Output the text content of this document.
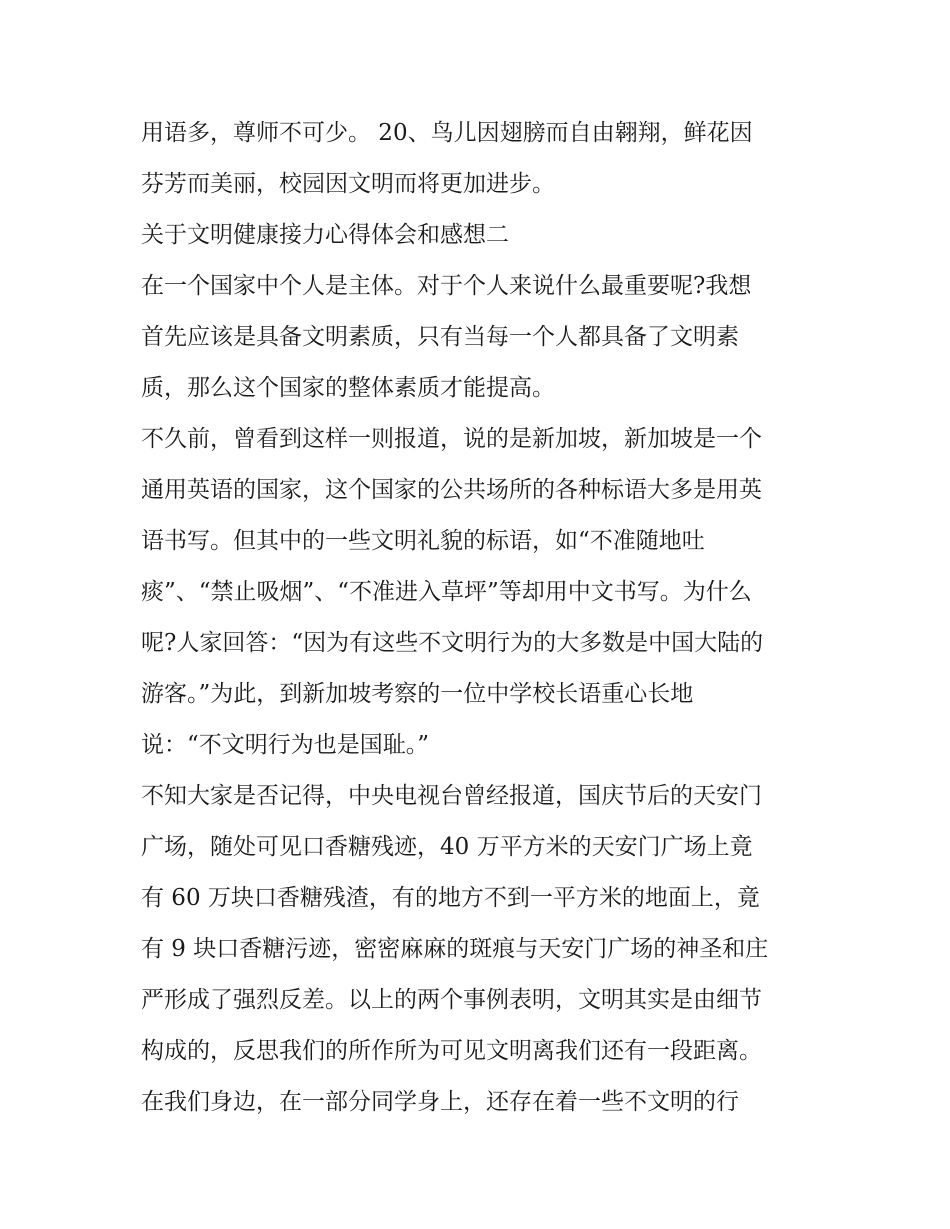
用语多，尊师不可少。 20、鸟儿因翅膀而自由翱翔，鲜花因
芬芳而美丽，校园因文明而将更加进步。
关于文明健康接力心得体会和感想二
在一个国家中个人是主体。对于个人来说什么最重要呢?我想
首先应该是具备文明素质，只有当每一个人都具备了文明素
质，那么这个国家的整体素质才能提高。
不久前，曾看到这样一则报道，说的是新加坡，新加坡是一个
通用英语的国家，这个国家的公共场所的各种标语大多是用英
语书写。但其中的一些文明礼貌的标语，如“不准随地吐
痰”、“禁止吸烟”、“不准进入草坪”等却用中文书写。为什么
呢?人家回答：“因为有这些不文明行为的大多数是中国大陆的
游客。”为此，到新加坡考察的一位中学校长语重心长地
说：“不文明行为也是国耻。”
不知大家是否记得，中央电视台曾经报道，国庆节后的天安门
广场，随处可见口香糖残迹，40 万平方米的天安门广场上竟
有 60 万块口香糖残渣，有的地方不到一平方米的地面上，竟
有 9 块口香糖污迹，密密麻麻的斑痕与天安门广场的神圣和庄
严形成了强烈反差。以上的两个事例表明，文明其实是由细节
构成的，反思我们的所作所为可见文明离我们还有一段距离。
在我们身边，在一部分同学身上，还存在着一些不文明的行
